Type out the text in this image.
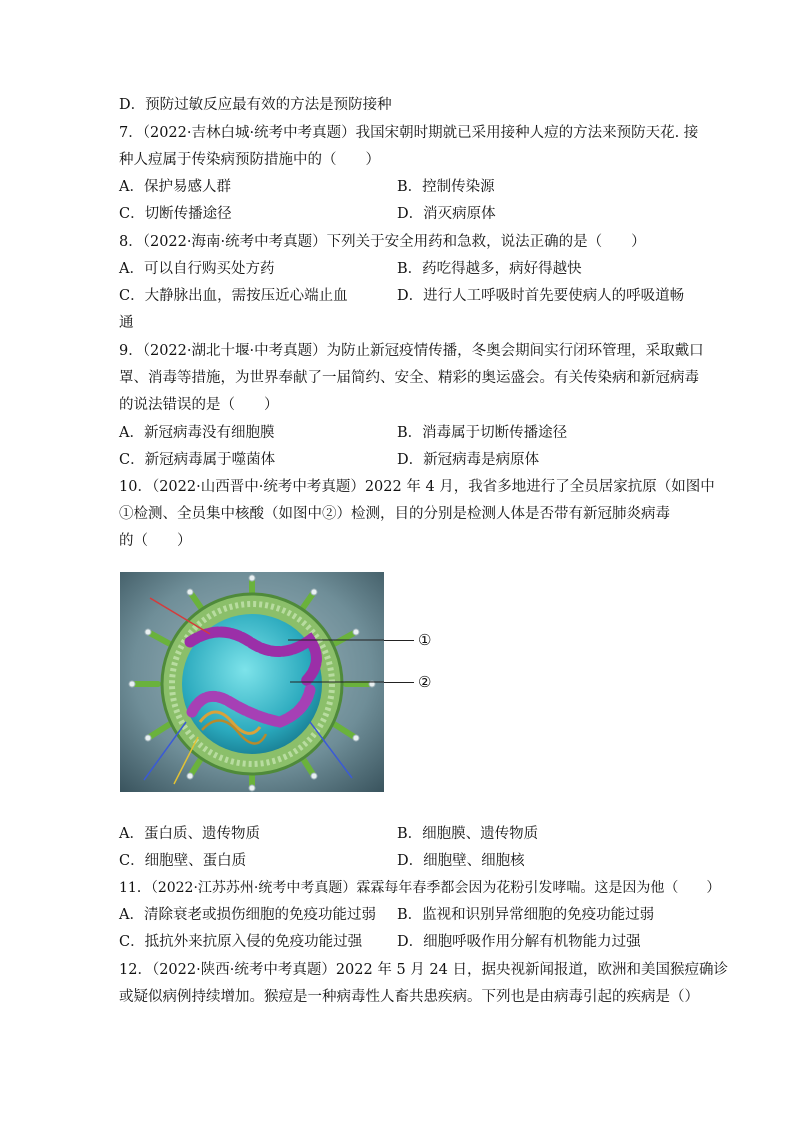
D．预防过敏反应最有效的方法是预防接种
7．（2022·吉林白城·统考中考真题）我国宋朝时期就已采用接种人痘的方法来预防天花. 接
种人痘属于传染病预防措施中的（　　）
A．保护易感人群	B．控制传染源
C．切断传播途径	D．消灭病原体
8．（2022·海南·统考中考真题）下列关于安全用药和急救，说法正确的是（　　）
A．可以自行购买处方药	B．药吃得越多，病好得越快
C．大静脉出血，需按压近心端止血	D．进行人工呼吸时首先要使病人的呼吸道畅
通
9．（2022·湖北十堰·中考真题）为防止新冠疫情传播，冬奥会期间实行闭环管理，采取戴口
罩、消毒等措施，为世界奉献了一届简约、安全、精彩的奥运盛会。有关传染病和新冠病毒
的说法错误的是（　　）
A．新冠病毒没有细胞膜	B．消毒属于切断传播途径
C．新冠病毒属于噬菌体	D．新冠病毒是病原体
10．（2022·山西晋中·统考中考真题）2022 年 4 月，我省多地进行了全员居家抗原（如图中
①检测、全员集中核酸（如图中②）检测，目的分别是检测人体是否带有新冠肺炎病毒
的（　　）
①
②
A．蛋白质、遗传物质	B．细胞膜、遗传物质
C．细胞壁、蛋白质	D．细胞壁、细胞核
11．（2022·江苏苏州·统考中考真题）霖霖每年春季都会因为花粉引发哮喘。这是因为他（　　）
A．清除衰老或损伤细胞的免疫功能过弱 B．监视和识别异常细胞的免疫功能过弱
C．抵抗外来抗原入侵的免疫功能过强 D．细胞呼吸作用分解有机物能力过强
12．（2022·陕西·统考中考真题）2022 年 5 月 24 日，据央视新闻报道，欧洲和美国猴痘确诊
或疑似病例持续增加。猴痘是一种病毒性人畜共患疾病。下列也是由病毒引起的疾病是（）
